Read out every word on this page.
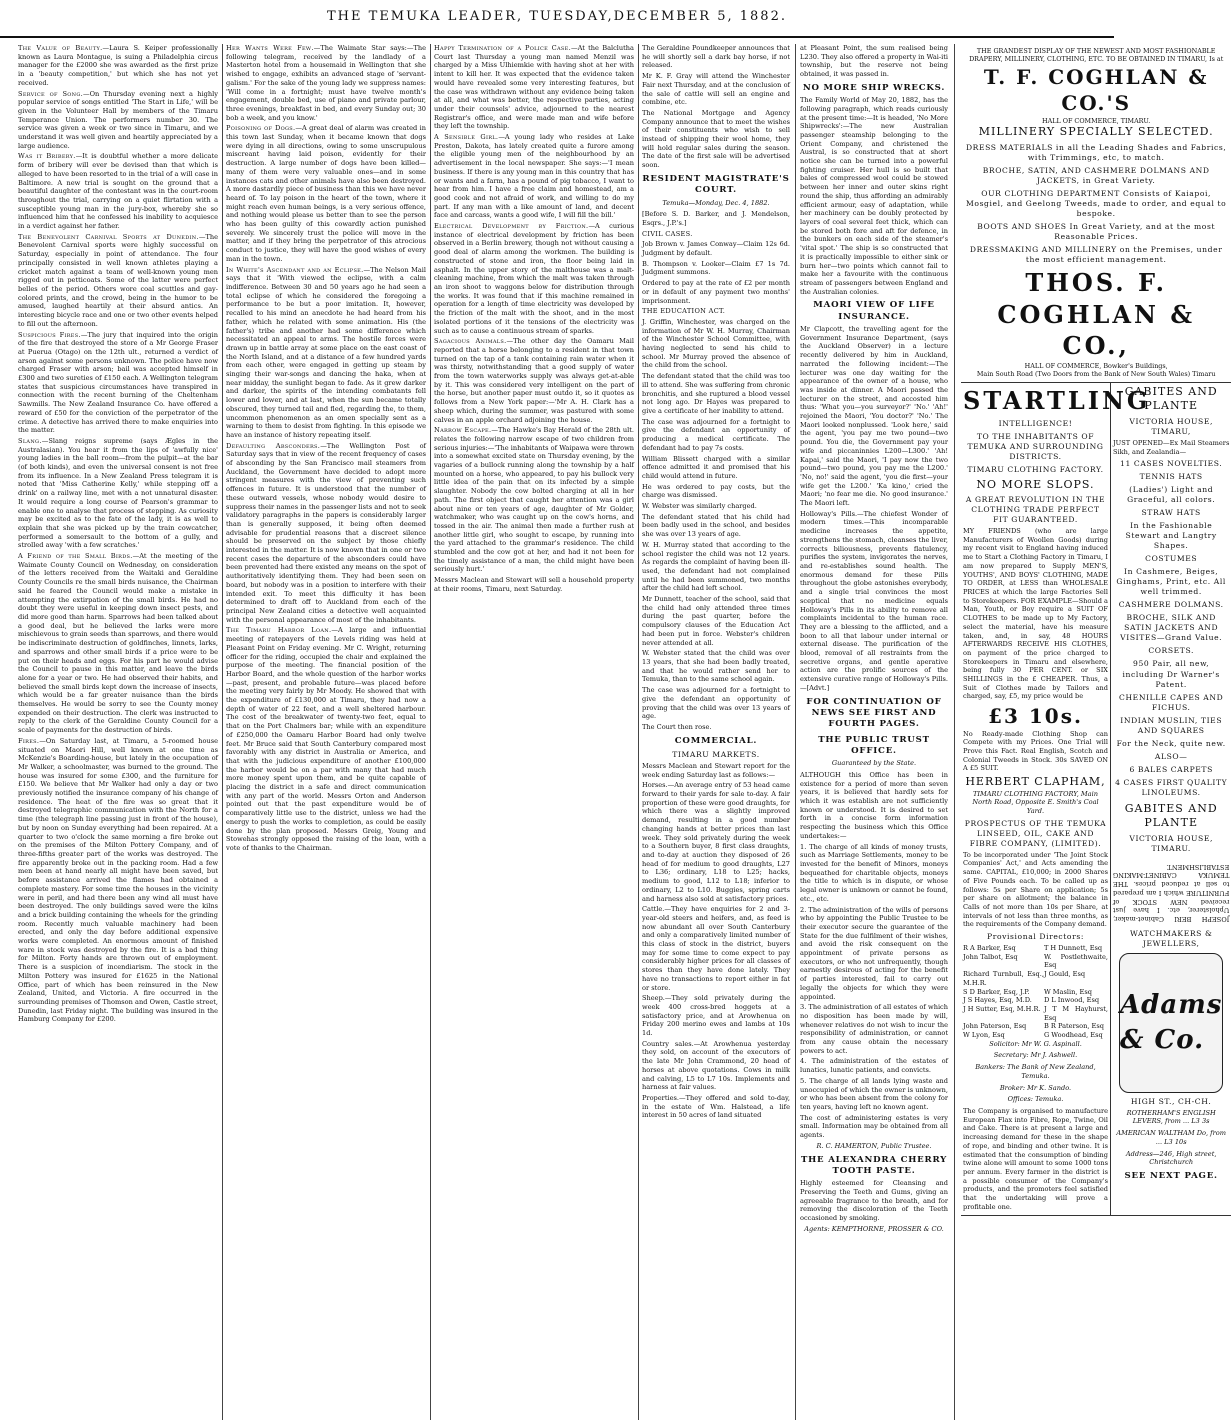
THE TEMUKA LEADER, TUESDAY,DECEMBER 5, 1882.
The Value of Beauty.—Laura S. Keiper professionally known as Laura Montague, is suing a Philadelphia circus manager for the £2000 she was awarded as the first prize in a 'beauty competition,' but which she has not yet received.
Service of Song.—On Thursday evening next a highly popular service of songs entitled 'The Start in Life,' will be given in the Volunteer Hall by members of the Timaru Temperance Union. The performers number 30. The service was given a week or two since in Timaru, and we understand it was well given and heartily appreciated by a large audience.
Was it Bribery.—It is doubtful whether a more delicate form of bribery will ever be devised than that which is alleged to have been resorted to in the trial of a will case in Baltimore. A new trial is sought on the ground that a beautiful daughter of the contestant was in the court-room throughout the trial, carrying on a quiet flirtation with a susceptible young man in the jury-box, whereby she so influenced him that he confessed his inability to acquiesce in a verdict against her father.
The Benevolent Carnival Sports at Dunedin.—The Benevolent Carnival sports were highly successful on Saturday, especially in point of attendance. The four principally consisted in well known athletes playing a cricket match against a team of well-known young men rigged out in petticoats. Some of the latter were perfect belles of the period. Others wore coal scuttles and gay-colored prints, and the crowd, being in the humor to be amused, laughed heartily at their absurd antics. An interesting bicycle race and one or two other events helped to fill out the afternoon.
Suspicious Fires.—The jury that inquired into the origin of the fire that destroyed the store of a Mr George Fraser at Puerua (Otago) on the 12th ult., returned a verdict of arson against some persons unknown. The police have now charged Fraser with arson; bail was accepted himself in £300 and two sureties of £150 each. A Wellington telegram states that suspicious circumstances have transpired in connection with the recent burning of the Cheltenham Sawmills. The New Zealand Insurance Co. have offered a reward of £50 for the conviction of the perpetrator of the crime. A detective has arrived there to make enquiries into the matter.
Slang.—Slang reigns supreme (says Ægles in the Australasian). You hear it from the lips of 'awfully nice' young ladies in the ball room—from the pulpit—at the bar (of both kinds), and even the universal consent is not free from its influence. In a New Zealand Press telegram it is noted that 'Miss Catherine Kelly,' while stepping off a drink' on a railway line, met with a not unnatural disaster. It would require a long course of Pearson's grammar to enable one to analyse that process of stepping. As curiosity may be excited as to the fate of the lady, it is as well to explain that she was picked up by the train cowcatcher, performed a somersault to the bottom of a gully, and strolled away 'with a few scratches.'
A Friend of the Small Birds.—At the meeting of the Waimate County Council on Wednesday, on consideration of the letters received from the Waitaki and Geraldine County Councils re the small birds nuisance, the Chairman said he feared the Council would make a mistake in attempting the extirpation of the small birds. He had no doubt they were useful in keeping down insect pests, and did more good than harm. Sparrows had been talked about a good deal, but he believed the larks were more mischievous to grain seeds than sparrows, and there would be indiscriminate destruction of goldfinches, linnets, larks, and sparrows and other small birds if a price were to be put on their heads and eggs. For his part he would advise the Council to pause in this matter, and leave the birds alone for a year or two. He had observed their habits, and believed the small birds kept down the increase of insects, which would be a far greater nuisance than the birds themselves. He would be sorry to see the County money expended on their destruction. The clerk was instructed to reply to the clerk of the Geraldine County Council for a scale of payments for the destruction of birds.
Fires.—On Saturday last, at Timaru, a 5-roomed house situated on Maori Hill, well known at one time as McKenzie's Boarding-house, but lately in the occupation of Mr Walker, a schoolmaster, was burned to the ground. The house was insured for some £300, and the furniture for £150. We believe that Mr Walker had only a day or two previously notified the insurance company of his change of residence. The heat of the fire was so great that it destroyed telegraphic communication with the North for a time (the telegraph line passing just in front of the house), but by noon on Sunday everything had been repaired. At a quarter to two o'clock the same morning a fire broke out on the premises of the Milton Pottery Company, and of three-fifths greater part of the works was destroyed. The fire apparently broke out in the packing room. Had a few men been at hand nearly all might have been saved, but before assistance arrived the flames had obtained a complete mastery. For some time the houses in the vicinity were in peril, and had there been any wind all must have been destroyed. The only buildings saved were the kilns and a brick building containing the wheels for the grinding room. Recently much valuable machinery had been erected, and only the day before additional expensive works were completed. An enormous amount of finished ware in stock was destroyed by the fire. It is a bad thing for Milton. Forty hands are thrown out of employment. There is a suspicion of incendiarism. The stock in the Milton Pottery was insured for £1625 in the National Office, part of which has been reinsured in the New Zealand, United, and Victoria. A fire occurred in the surrounding premises of Thomson and Owen, Castle street, Dunedin, last Friday night. The building was insured in the Hamburg Company for £200.
Her Wants Were Few.—The Waimate Star says:—The following telegram, received by the landlady of a Masterton hotel from a housemaid in Wellington that she wished to engage, exhibits an advanced stage of 'servant-galism.' For the sake of the young lady we suppress names: 'Will come in a fortnight; must have twelve month's engagement, double bed, use of piano and private parlour, three evenings, breakfast in bed, and every Sunday out; 30 bob a week, and you know.'
Poisoning of Dogs.—A great deal of alarm was created in this town last Sunday, when it became known that dogs were dying in all directions, owing to some unscrupulous miscreant having laid poison, evidently for their destruction. A large number of dogs have been killed—many of them were very valuable ones—and in some instances cats and other animals have also been destroyed. A more dastardly piece of business than this we have never heard of. To lay poison in the heart of the town, where it might reach even human beings, is a very serious offence, and nothing would please us better than to see the person who has been guilty of this cowardly action punished severely. We sincerely trust the police will move in the matter, and if they bring the perpetrator of this atrocious conduct to justice, they will have the good wishes of every man in the town.
In White's Ascendant and an Eclipse.—The Nelson Mail says that it 'With viewed the eclipse, with a calm indifference. Between 30 and 50 years ago he had seen a total eclipse of which he considered the foregoing a performance to be but a poor imitation. It, however, recalled to his mind an anecdote he had heard from his father, which he related with some animation. His (the father's) tribe and another had some difference which necessitated an appeal to arms. The hostile forces were drawn up in battle array at some place on the east coast of the North Island, and at a distance of a few hundred yards from each other, were engaged in getting up steam by singing their war-songs and dancing the haka, when at near midday, the sunlight began to fade. As it grew darker and darker, the spirits of the intending combatants fell lower and lower, and at last, when the sun became totally obscured, they turned tail and fled, regarding the, to them, uncommon phenomenon as an omen specially sent as a warning to them to desist from fighting. In this episode we have an instance of history repeating itself.
Defaulting Absconders.—The Wellington Post of Saturday says that in view of the recent frequency of cases of absconding by the San Francisco mail steamers from Auckland, the Government have decided to adopt more stringent measures with the view of preventing such offences in future. It is understood that the number of these outward vessels, whose nobody would desire to suppress their names in the passenger lists and not to seek validatory paragraphs in the papers is considerably larger than is generally supposed, it being often deemed advisable for prudential reasons that a discreet silence should be preserved on the subject by those chiefly interested in the matter. It is now known that in one or two recent cases the departure of the absconders could have been prevented had there existed any means on the spot of authoritatively identifying them. They had been seen on board, but nobody was in a position to interfere with their intended exit. To meet this difficulty it has been determined to draft off to Auckland from each of the principal New Zealand cities a detective well acquainted with the personal appearance of most of the inhabitants.
The Timaru Harbor Loan.—A large and influential meeting of ratepayers of the Levels riding was held at Pleasant Point on Friday evening. Mr C. Wright, returning officer for the riding, occupied the chair and explained the purpose of the meeting. The financial position of the Harbor Board, and the whole question of the harbor works—past, present, and probable future—was placed before the meeting very fairly by Mr Moody. He showed that with the expenditure of £130,000 at Timaru, they had now a depth of water of 22 feet, and a well sheltered harbour. The cost of the breakwater of twenty-two feet, equal to that on the Port Chalmers bar; while with an expenditure of £250,000 the Oamaru Harbor Board had only twelve feet. Mr Bruce said that South Canterbury compared most favorably with any district in Australia or America, and that with the judicious expenditure of another £100,000 the harbor would be on a par with many that had much more money spent upon them, and be quite capable of placing the district in a safe and direct communication with any part of the world. Messrs Orton and Anderson pointed out that the past expenditure would be of comparatively little use to the district, unless we had the energy to push the works to completion, as could be easily done by the plan proposed. Messrs Greig, Young and Stowehas strongly opposed the raising of the loan, with a vote of thanks to the Chairman.
Happy Termination of a Police Case.—At the Balclutha Court last Thursday a young man named Menzil was charged by a Miss Ulhiemkie with having shot at her with intent to kill her. It was expected that the evidence taken would have revealed some very interesting features, but the case was withdrawn without any evidence being taken at all, and what was better, the respective parties, acting under their counsels' advice, adjourned to the nearest Registrar's office, and were made man and wife before they left the township.
A Sensible Girl.—A young lady who resides at Lake Preston, Dakota, has lately created quite a furore among the eligible young men of the neighbourhood by an advertisement in the local newspaper. She says:—'I mean business. If there is any young man in this country that has or wants and a farm, has a pound of pig tobacco, I want to hear from him. I have a free claim and homestead, am a good cook and not afraid of work, and willing to do my part. If any man with a like amount of land, and decent face and carcass, wants a good wife, I will fill the bill.'
Electrical Development by Friction.—A curious instance of electrical development by friction has been observed in a Berlin brewery, though not without causing a good deal of alarm among the workmen. The building is constructed of stone and iron, the floor being laid in asphalt. In the upper story of the malthouse was a malt-cleaning machine, from which the malt was taken through an iron shoot to waggons below for distribution through the works. It was found that if this machine remained in operation for a length of time electricity was developed by the friction of the malt with the shoot, and in the most isolated portions of it the tensions of the electricity was such as to cause a continuous stream of sparks.
Sagacious Animals.—The other day the Oamaru Mail reported that a horse belonging to a resident in that town turned on the tap of a tank containing rain water when it was thirsty, notwithstanding that a good supply of water from the town waterworks supply was always get-at-able by it. This was considered very intelligent on the part of the horse, but another paper must outdo it, so it quotes as follows from a New York paper:—'Mr A. H. Clark has a sheep which, during the summer, was pastured with some calves in an apple orchard adjoining the house.
Narrow Escape.—The Hawke's Bay Herald of the 28th ult. relates the following narrow escape of two children from serious injuries:—'The inhabitants of Waipawa were thrown into a somewhat excited state on Thursday evening, by the vagaries of a bullock running along the township by a half mounted on a horse, who appeared, to pay his bullock very little idea of the pain that on its infected by a simple slaughter. Nobody the cow bolted charging at all in her path. The first object that caught her attention was a girl about nine or ten years of age, daughter of Mr Golder, watchmaker, who was caught up on the cow's horns, and tossed in the air. The animal then made a further rush at another little girl, who sought to escape, by running into the yard attached to the grammar's residence. The child stumbled and the cow got at her, and had it not been for the timely assistance of a man, the child might have been seriously hurt.'
Messrs Maclean and Stewart will sell a household property at their rooms, Timaru, next Saturday.
The Geraldine Poundkeeper announces that he will shortly sell a dark bay horse, if not released.
Mr K. F. Gray will attend the Winchester Fair next Thursday, and at the conclusion of the sale of cattle will sell an engine and combine, etc.
The National Mortgage and Agency Company announce that to meet the wishes of their constituents who wish to sell instead of shipping their wool home, they will hold regular sales during the season. The date of the first sale will be advertised soon.
RESIDENT MAGISTRATE'S COURT.
Temuka—Monday, Dec. 4, 1882.
[Before S. D. Barker, and J. Mendelson, Esqrs., J.P.'s.]
CIVIL CASES.
Job Brown v. James Conway—Claim 12s 6d. Judgment by default.
B. Thompson v. Looker—Claim £7 1s 7d. Judgment summons.
Ordered to pay at the rate of £2 per month or in default of any payment two months' imprisonment.
THE EDUCATION ACT.
J. Griffin, Winchester, was charged on the information of Mr W. H. Murray, Chairman of the Winchester School Committee, with having neglected to send his child to school. Mr Murray proved the absence of the child from the school.
The defendant stated that the child was too ill to attend. She was suffering from chronic bronchitis, and she ruptured a blood vessel not long ago. Dr Hayes was prepared to give a certificate of her inability to attend.
The case was adjourned for a fortnight to give the defendant an opportunity of producing a medical certificate. The defendant had to pay 7s costs.
William Blissett charged with a similar offence admitted it and promised that his child would attend in future.
He was ordered to pay costs, but the charge was dismissed.
W. Webster was similarly charged.
The defendant stated that his child had been badly used in the school, and besides she was over 13 years of age.
W. H. Murray stated that according to the school register the child was not 12 years. As regards the complaint of having been ill-used, the defendant had not complained until he had been summoned, two months after the child had left school.
Mr Dunnett, teacher of the school, said that the child had only attended three times during the past quarter, before the compulsory clauses of the Education Act had been put in force. Webster's children never attended at all.
W. Webster stated that the child was over 13 years, that she had been badly treated, and that he would rather send her to Temuka, than to the same school again.
The case was adjourned for a fortnight to give the defendant an opportunity of proving that the child was over 13 years of age.
The Court then rose.
COMMERCIAL.
TIMARU MARKETS.
Messrs Maclean and Stewart report for the week ending Saturday last as follows:—
Horses.—An average entry of 53 head came forward to their yards for sale to-day. A fair proportion of these were good draughts, for which there was a slightly improved demand, resulting in a good number changing hands at better prices than last week. They sold privately during the week to a Southern buyer, 8 first class draughts, and to-day at auction they disposed of 26 head of for medium to good draughts, L27 to L36; ordinary, L18 to L25; hacks, medium to good, L12 to L18; inferior to ordinary, L2 to L10. Buggies, spring carts and harness also sold at satisfactory prices.
Cattle.—They have enquiries for 2 and 3-year-old steers and heifers, and, as feed is now abundant all over South Canterbury and only a comparatively limited number of this class of stock in the district, buyers may for some time to come expect to pay considerably higher prices for all classes of stores than they have done lately. They have no transactions to report either in fat or store.
Sheep.—They sold privately during the week 400 cross-bred hoggets at a satisfactory price, and at Arowhenua on Friday 200 merino ewes and lambs at 10s 1d.
Country sales.—At Arowhenua yesterday they sold, on account of the executors of the late Mr John Crammond, 20 head of horses at above quotations. Cows in milk and calving, L5 to L7 10s. Implements and harness at fair values.
Properties.—They offered and sold to-day, in the estate of Wm. Halstead, a life interest in 50 acres of land situated
at Pleasant Point, the sum realised being L230. They also offered a property in Wai-iti township, but the reserve not being obtained, it was passed in.
NO MORE SHIP WRECKS.
The Family World of May 20, 1882, has the following paragraph, which reads curiously at the present time:—It is headed, 'No More Shipwrecks':—The new Australian passenger steamship belonging to the Orient Company, and christened the Austral, is so constructed that at short notice she can be turned into a powerful fighting cruiser. Her hull is so built that bales of compressed wool could be stowed between her inner and outer skins right round the ship, thus affording an admirably efficient armour, easy of adaptation, while her machinery can be doubly protected by layers of coal several feet thick, which can be stored both fore and aft for defence, in the bunkers on each side of the steamer's 'vital spot.' The ship is so constructed that it is practically impossible to either sink or burn her—two points which cannot fail to make her a favourite with the continuous stream of passengers between England and the Australian colonies.
MAORI VIEW OF LIFE INSURANCE.
Mr Clapcott, the travelling agent for the Government Insurance Department, (says the Auckland Observer) in a lecture recently delivered by him in Auckland, narrated the following incident:—The lecturer was one day waiting for the appearance of the owner of a house, who was inside at dinner. A Maori passed the lecturer on the street, and accosted him thus: 'What you—you surveyor?' 'No.' 'Ah!' rejoined the Maori, 'You doctor?' 'No.' The Maori looked nonplussed. 'Look here,' said the agent, 'you pay me two pound—two pound. You die, the Government pay your wife and piccaninnies L200—L300.' 'Ah! Kapai,' said the Maori, 'I pay now the two pound—two pound, you pay me the L200.' 'No, no!' said the agent, 'you die first—your wife get the L200.' 'Ka kino,' cried the Maori; 'no fear me die. No good insurance.' The Maori left.
Holloway's Pills.—The chiefest Wonder of modern times.—This incomparable medicine increases the appetite, strengthens the stomach, cleanses the liver, corrects biliousness, prevents flatulency, purifies the system, invigorates the nerves, and re-establishes sound health. The enormous demand for these Pills throughout the globe astonishes everybody, and a single trial convinces the most sceptical that no medicine equals Holloway's Pills in its ability to remove all complaints incidental to the human race. They are a blessing to the afflicted, and a boon to all that labour under internal or external disease. The purification of the blood, removal of all restraints from the secretive organs, and gentle aperative action are the prolific sources of the extensive curative range of Holloway's Pills.—[Advt.]
FOR CONTINUATION OF NEWS SEE FIRST AND FOURTH PAGES.
THE PUBLIC TRUST OFFICE.
Guaranteed by the State.
ALTHOUGH this Office has been in existence for a period of more than seven years, it is believed that hardly sets for which it was establish are not sufficiently known or understood. It is desired to set forth in a concise form information respecting the business which this Office undertakes:—
1. The charge of all kinds of money trusts, such as Marriage Settlements, money to be invested for the benefit of Minors, moneys bequeathed for charitable objects, moneys the title to which is in dispute, or whose legal owner is unknown or cannot be found, etc., etc.
2. The administration of the wills of persons who by appointing the Public Trustee to be their executor secure the guarantee of the State for the due fulfilment of their wishes, and avoid the risk consequent on the appointment of private persons as executors, or who not unfrequently, though earnestly desirous of acting for the benefit of parties interested, fail to carry out legally the objects for which they were appointed.
3. The administration of all estates of which no disposition has been made by will, whenever relatives do not wish to incur the responsibility of administration, or cannot from any cause obtain the necessary powers to act.
4. The administration of the estates of lunatics, lunatic patients, and convicts.
5. The charge of all lands lying waste and unoccupied of which the owner is unknown, or who has been absent from the colony for ten years, having left no known agent.
The cost of administering estates is very small. Information may be obtained from all agents.
R. C. HAMERTON, Public Trustee.
THE ALEXANDRA CHERRY TOOTH PASTE.
Highly esteemed for Cleansing and Preserving the Teeth and Gums, giving an agreeable fragrance to the breath, and for removing the discoloration of the Teeth occasioned by smoking.
Agents: KEMPTHORNE, PROSSER & CO.
THE GRANDEST DISPLAY OF THE NEWEST AND MOST FASHIONABLE DRAPERY, MILLINERY, CLOTHING, ETC. TO BE OBTAINED IN TIMARU, Is at
T. F. COGHLAN & CO.'S
HALL OF COMMERCE, TIMARU.
MILLINERY SPECIALLY SELECTED.
DRESS MATERIALS in all the Leading Shades and Fabrics, with Trimmings, etc, to match.
BROCHE, SATIN, AND CASHMERE DOLMANS AND JACKETS, in Great Variety.
OUR CLOTHING DEPARTMENT Consists of Kaiapoi, Mosgiel, and Geelong Tweeds, made to order, and equal to bespoke.
BOOTS AND SHOES In Great Variety, and at the most Reasonable Prices.
DRESSMAKING AND MILLINERY on the Premises, under the most efficient management.
THOS. F. COGHLAN & CO.,
HALL OF COMMERCE, Bowker's Buildings,
Main South Road (Two Doors from the Bank of New South Wales) Timaru
STARTLING
INTELLIGENCE!
TO THE INHABITANTS OF TEMUKA AND SURROUNDING DISTRICTS.
TIMARU CLOTHING FACTORY.
NO MORE SLOPS.
A GREAT REVOLUTION IN THE CLOTHING TRADE PERFECT FIT GUARANTEED.
MY FRIENDS (who are large Manufacturers of Woollen Goods) during my recent visit to England having induced me to Start a Clothing Factory in Timaru, I am now prepared to Supply MEN'S, YOUTHS', AND BOYS' CLOTHING, MADE TO ORDER, at LESS than WHOLESALE PRICES at which the large Factories Sell to Storekeepers. FOR EXAMPLE—Should a Man, Youth, or Boy require a SUIT OF CLOTHES to be made up to My Factory, select the material, have his measure taken, and, in say, 48 HOURS AFTERWARDS RECEIVE HIS CLOTHES, on payment of the price charged to Storekeepers in Timaru and elsewhere, being fully 30 PER CENT. or SIX SHILLINGS in the £ CHEAPER. Thus, a Suit of Clothes made by Tailors and charged, say, £5, my price would be
£3 10s.
No Ready-made Clothing Shop can Compete with my Prices. One Trial will Prove this Fact. Real English, Scotch and Colonial Tweeds in Stock. 30s SAVED ON A £5 SUIT.
HERBERT CLAPHAM,
TIMARU CLOTHING FACTORY, Main North Road, Opposite E. Smith's Coal Yard.
PROSPECTUS OF THE TEMUKA LINSEED, OIL, CAKE AND FIBRE COMPANY, (LIMITED).
To be incorporated under 'The Joint Stock Companies' Act,' and Acts amending the same. CAPITAL, £10,000; in 2000 Shares of Five Pounds each. To be called up as follows: 5s per Share on application; 5s per share on allotment; the balance in Calls of not more than 10s per Share, at intervals of not less than three months, as the requirements of the Company demand.
Provisional Directors:
R A Barker, Esq	T H Dunnett, Esq
John Talbot, Esq	W. Postlethwaite, Esq
Richard Turnbull, Esq., M.H.R.	J Gould, Esq
S D Barker, Esq, J.P.	W Maslin, Esq
J S Hayes, Esq, M.D.	D L Inwood, Esq
J H Sutter, Esq, M.H.R.	J T M Hayhurst, Esq
John Paterson, Esq	B R Paterson, Esq
W Lyon, Esq	G Woodhead, Esq
Solicitor: Mr W. G. Aspinall.
Secretary: Mr J. Ashwell.
Bankers: The Bank of New Zealand, Temuka.
Broker: Mr K. Sando.
Offices: Temuka.
The Company is organised to manufacture European Flax into Fibre, Rope, Twine, Oil and Cake. There is at present a large and increasing demand for these in the shape of rope, and binding and other twine. It is estimated that the consumption of binding twine alone will amount to some 1000 tons per annum. Every farmer in the district is a possible consumer of the Company's products, and the promoters feel satisfied that the undertaking will prove a profitable one.
GABITES AND PLANTE
VICTORIA HOUSE, TIMARU,
JUST OPENED—Ex Mail Steamers Sikh, and Zealandia—
11 CASES NOVELTIES.
TENNIS HATS
(Ladies') Light and Graceful, all colors.
STRAW HATS
In the Fashionable Stewart and Langtry Shapes.
COSTUMES
In Cashmere, Beiges, Ginghams, Print, etc. All well trimmed.
CASHMERE DOLMANS.
BROCHE, SILK AND SATIN JACKETS AND VISITES—Grand Value.
CORSETS.
950 Pair, all new, including Dr Warner's Patent.
CHENILLE CAPES AND FICHUS.
INDIAN MUSLIN, TIES AND SQUARES
For the Neck, quite new.
ALSO—
6 BALES CARPETS
4 CASES FIRST QUALITY LINOLEUMS.
GABITES AND PLANTE
VICTORIA HOUSE, TIMARU.
JOSEPH BERI Cabinet-maker, Upholsterer, etc. I have just received NEW STOCK of FURNITURE which I am prepared to sell at reduced prices. THE TEMUKA CABINET-MAKING ESTABLISHMENT.
WATCHMAKERS & JEWELLERS,
Adams & Co.
HIGH ST., CH-CH.
ROTHERHAM'S ENGLISH LEVERS, from ... L3 3s
AMERICAN WALTHAM Do, from ... L3 10s
Address—246, High street, Christchurch
SEE NEXT PAGE.
